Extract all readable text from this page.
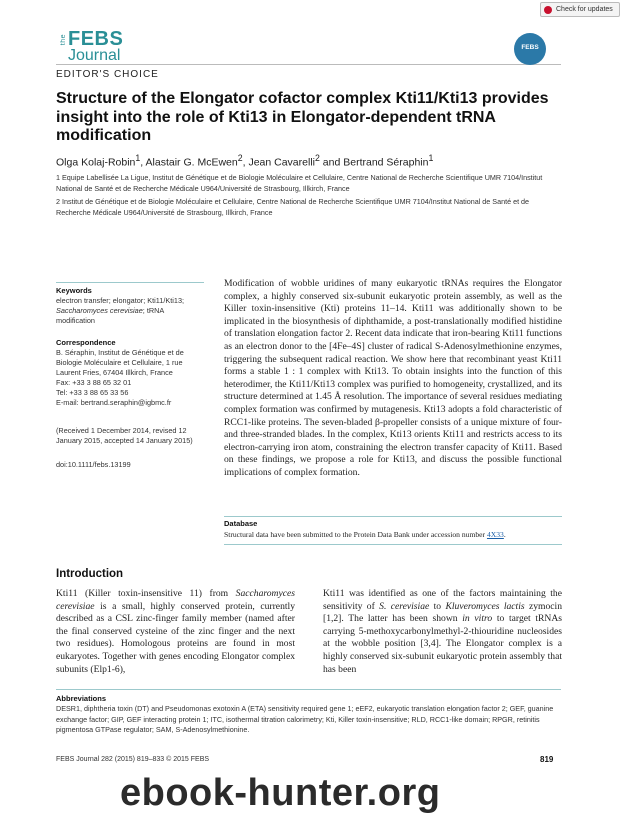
Check for updates
the FEBS
Journal
EDITOR'S CHOICE
FEBS
Structure of the Elongator cofactor complex Kti11/Kti13 provides insight into the role of Kti13 in Elongator-dependent tRNA modification
Olga Kolaj-Robin$^1$, Alastair G. McEwen$^2$, Jean Cavarelli$^2$ and Bertrand Séraphin$^1$
1 Equipe Labellisée La Ligue, Institut de Génétique et de Biologie Moléculaire et Cellulaire, Centre National de Recherche Scientifique UMR 7104/Institut National de Santé et de Recherche Médicale U964/Université de Strasbourg, Illkirch, France
2 Institut de Génétique et de Biologie Moléculaire et Cellulaire, Centre National de Recherche Scientifique UMR 7104/Institut National de Santé et de Recherche Médicale U964/Université de Strasbourg, Illkirch, France
Keywords
electron transfer; elongator; Kti11/Kti13; Saccharomyces cerevisiae; tRNA modification
Correspondence
B. Séraphin, Institut de Génétique et de
Biologie Moléculaire et Cellulaire, 1 rue
Laurent Fries, 67404 Illkirch, France
Fax: +33 3 88 65 32 01
Tel: +33 3 88 65 33 56
E-mail: bertrand.seraphin@igbmc.fr
(Received 1 December 2014, revised 12 January 2015, accepted 14 January 2015)
doi:10.1111/febs.13199

Modification of wobble uridines of many eukaryotic tRNAs requires the Elongator complex, a highly conserved six-subunit eukaryotic protein assembly, as well as the Killer toxin-insensitive (Kti) proteins 11–14. Kti11 was additionally shown to be implicated in the biosynthesis of diphthamide, a post-translationally modified histidine of translation elongation factor 2. Recent data indicate that iron-bearing Kti11 functions as an electron donor to the [4Fe–4S] cluster of radical S-Adenosylmethionine enzymes, triggering the subsequent radical reaction. We show here that recombinant yeast Kti11 forms a stable 1 : 1 complex with Kti13. To obtain insights into the function of this heterodimer, the Kti11/Kti13 complex was purified to homogeneity, crystallized, and its structure determined at 1.45 Å resolution. The importance of several residues mediating complex formation was confirmed by mutagenesis. Kti13 adopts a fold characteristic of RCC1-like proteins. The seven-bladed β-propeller consists of a unique mixture of four- and three-stranded blades. In the complex, Kti13 orients Kti11 and restricts access to its electron-carrying iron atom, constraining the electron transfer capacity of Kti11. Based on these findings, we propose a role for Kti13, and discuss the possible functional implications of complex formation.

Database
Structural data have been submitted to the Protein Data Bank under accession number 4X33.
Introduction

Kti11 (Killer toxin-insensitive 11) from Saccharomyces cerevisiae is a small, highly conserved protein, currently described as a CSL zinc-finger family member (named after the final conserved cysteine of the zinc finger and the next two residues). Homologous proteins are found in most eukaryotes. Together with genes encoding Elongator complex subunits (Elp1-6),

Kti11 was identified as one of the factors maintaining the sensitivity of S. cerevisiae to Kluveromyces lactis zymocin [1,2]. The latter has been shown in vitro to target tRNAs carrying 5-methoxycarbonylmethyl-2-thiouridine nucleosides at the wobble position [3,4]. The Elongator complex is a highly conserved six-subunit eukaryotic protein assembly that has been

Abbreviations

DESR1, diphtheria toxin (DT) and Pseudomonas exotoxin A (ETA) sensitivity required gene 1; eEF2, eukaryotic translation elongation factor 2; GEF, guanine exchange factor; GIP, GEF interacting protein 1; ITC, isothermal titration calorimetry; Kti, Killer toxin-insensitive; RLD, RCC1-like domain; RPGR, retinitis pigmentosa GTPase regulator; SAM, S-Adenosylmethionine.

FEBS Journal 282 (2015) 819–833 © 2015 FEBS	819
ebook-hunter.org
